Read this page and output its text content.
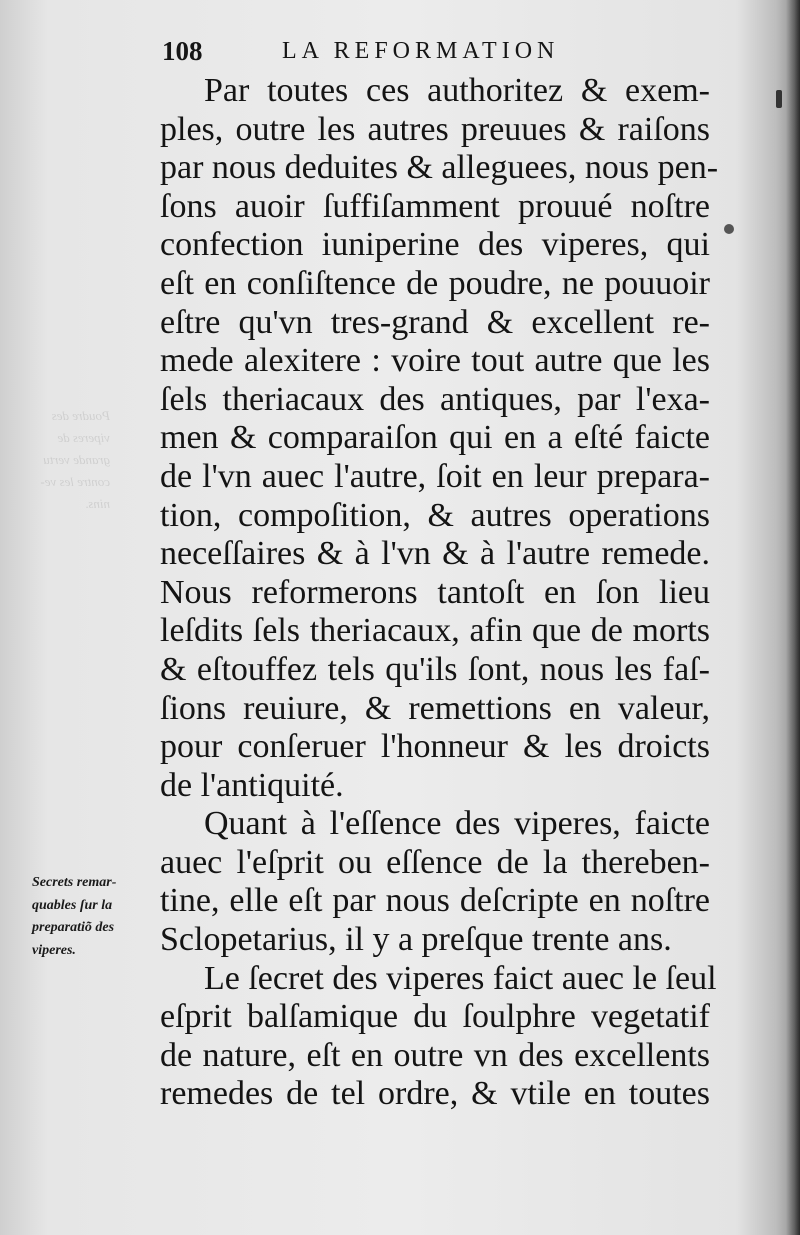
Poudre des
viperes de
grande vertu
contre les ve-
nins.
108	LA REFORMATION
Par toutes ces authoritez & exem-
ples, outre les autres preuues & raiſons
par nous deduites & alleguees, nous pen-
ſons auoir ſuffiſamment prouué noſtre
confection iuniperine des viperes, qui
eſt en conſiſtence de poudre, ne pouuoir
eſtre qu'vn tres-grand & excellent re-
mede alexitere : voire tout autre que les
ſels theriacaux des antiques, par l'exa-
men & comparaiſon qui en a eſté faicte
de l'vn auec l'autre, ſoit en leur prepara-
tion, compoſition, & autres operations
neceſſaires & à l'vn & à l'autre remede.
Nous reformerons tantoſt en ſon lieu
leſdits ſels theriacaux, afin que de morts
& eſtouffez tels qu'ils ſont, nous les faſ-
ſions reuiure, & remettions en valeur,
pour conſeruer l'honneur & les droicts
de l'antiquité.
Quant à l'eſſence des viperes, faicte
auec l'eſprit ou eſſence de la thereben-
tine, elle eſt par nous deſcripte en noſtre
Sclopetarius, il y a preſque trente ans.
Le ſecret des viperes faict auec le ſeul
eſprit balſamique du ſoulphre vegetatif
de nature, eſt en outre vn des excellents
remedes de tel ordre, & vtile en toutes
Secrets remar-
quables ſur la
preparatiõ des
viperes.
